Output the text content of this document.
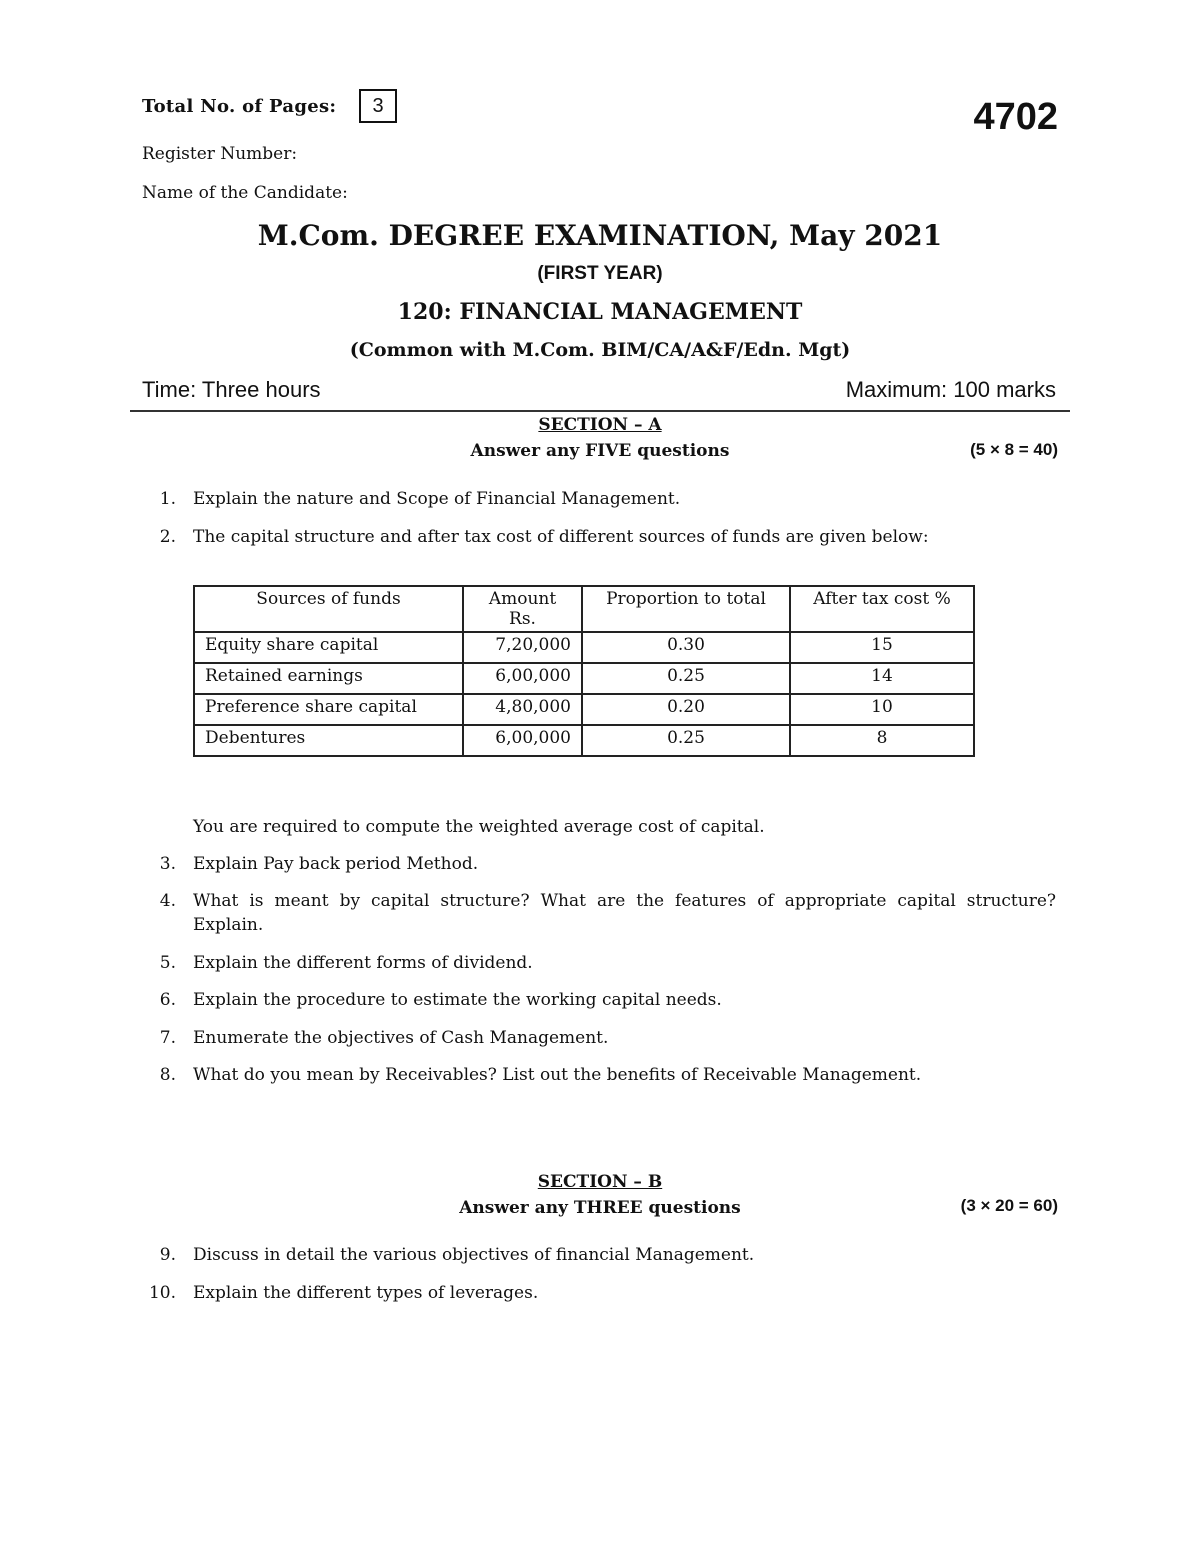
Total No. of Pages:	3	4702
Register Number:
Name of the Candidate:
M.Com. DEGREE EXAMINATION, May 2021
(FIRST YEAR)
120: FINANCIAL MANAGEMENT
(Common with M.Com. BIM/CA/A&F/Edn. Mgt)
Time: Three hours	Maximum: 100 marks
SECTION – A
Answer any FIVE questions	(5 × 8 = 40)
1. Explain the nature and Scope of Financial Management.
2. The capital structure and after tax cost of different sources of funds are given below:
Sources of funds	Amount Rs.	Proportion to total	After tax cost %
Equity share capital	7,20,000	0.30	15
Retained earnings	6,00,000	0.25	14
Preference share capital	4,80,000	0.20	10
Debentures	6,00,000	0.25	8
You are required to compute the weighted average cost of capital.
3. Explain Pay back period Method.
4. What is meant by capital structure? What are the features of appropriate capital structure? Explain.
5. Explain the different forms of dividend.
6. Explain the procedure to estimate the working capital needs.
7. Enumerate the objectives of Cash Management.
8. What do you mean by Receivables? List out the benefits of Receivable Management.
SECTION – B
Answer any THREE questions	(3 × 20 = 60)
9. Discuss in detail the various objectives of financial Management.
10. Explain the different types of leverages.
